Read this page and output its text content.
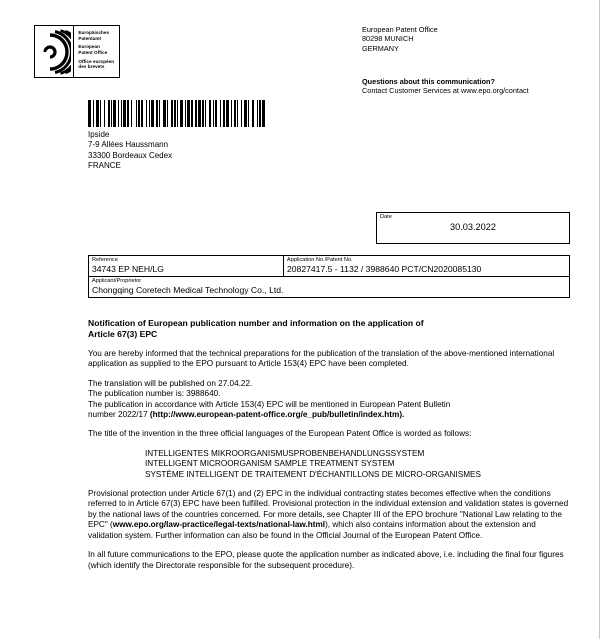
Europäisches
Patentamt
European
Patent Office
Office européen
des brevets
European Patent Office
80298 MUNICH
GERMANY
Questions about this communication?
Contact Customer Services at www.epo.org/contact
Ipside
7-9 Allées Haussmann
33300 Bordeaux Cedex
FRANCE
Date
30.03.2022
Reference
34743 EP NEH/LG
Application No./Patent No.
20827417.5 - 1132 / 3988640 PCT/CN2020085130
Applicant/Proprietor
Chongqing Coretech Medical Technology Co., Ltd.
Notification of European publication number and information on the application of
Article 67(3) EPC

You are hereby informed that the technical preparations for the publication of the translation of the above-mentioned international application as supplied to the EPO pursuant to Article 153(4) EPC have been completed.

The translation will be published on 27.04.22.
The publication number is: 3988640.
The publication in accordance with Article 153(4) EPC will be mentioned in European Patent Bulletin
number 2022/17 (http://www.european-patent-office.org/e_pub/bulletin/index.htm).

The title of the invention in the three official languages of the European Patent Office is worded as follows:

INTELLIGENTES MIKROORGANISMUSPROBENBEHANDLUNGSSYSTEM
INTELLIGENT MICROORGANISM SAMPLE TREATMENT SYSTEM
SYSTÈME INTELLIGENT DE TRAITEMENT D'ÉCHANTILLONS DE MICRO-ORGANISMES

Provisional protection under Article 67(1) and (2) EPC in the individual contracting states becomes effective when the conditions referred to in Article 67(3) EPC have been fulfilled. Provisional protection in the individual extension and validation states is governed by the national laws of the countries concerned. For more details, see Chapter III of the EPO brochure "National Law relating to the EPC" (www.epo.org/law-practice/legal-texts/national-law.html), which also contains information about the extension and validation system. Further information can also be found in the Official Journal of the European Patent Office.

In all future communications to the EPO, please quote the application number as indicated above, i.e. including the final four figures (which identify the Directorate responsible for the subsequent procedure).
